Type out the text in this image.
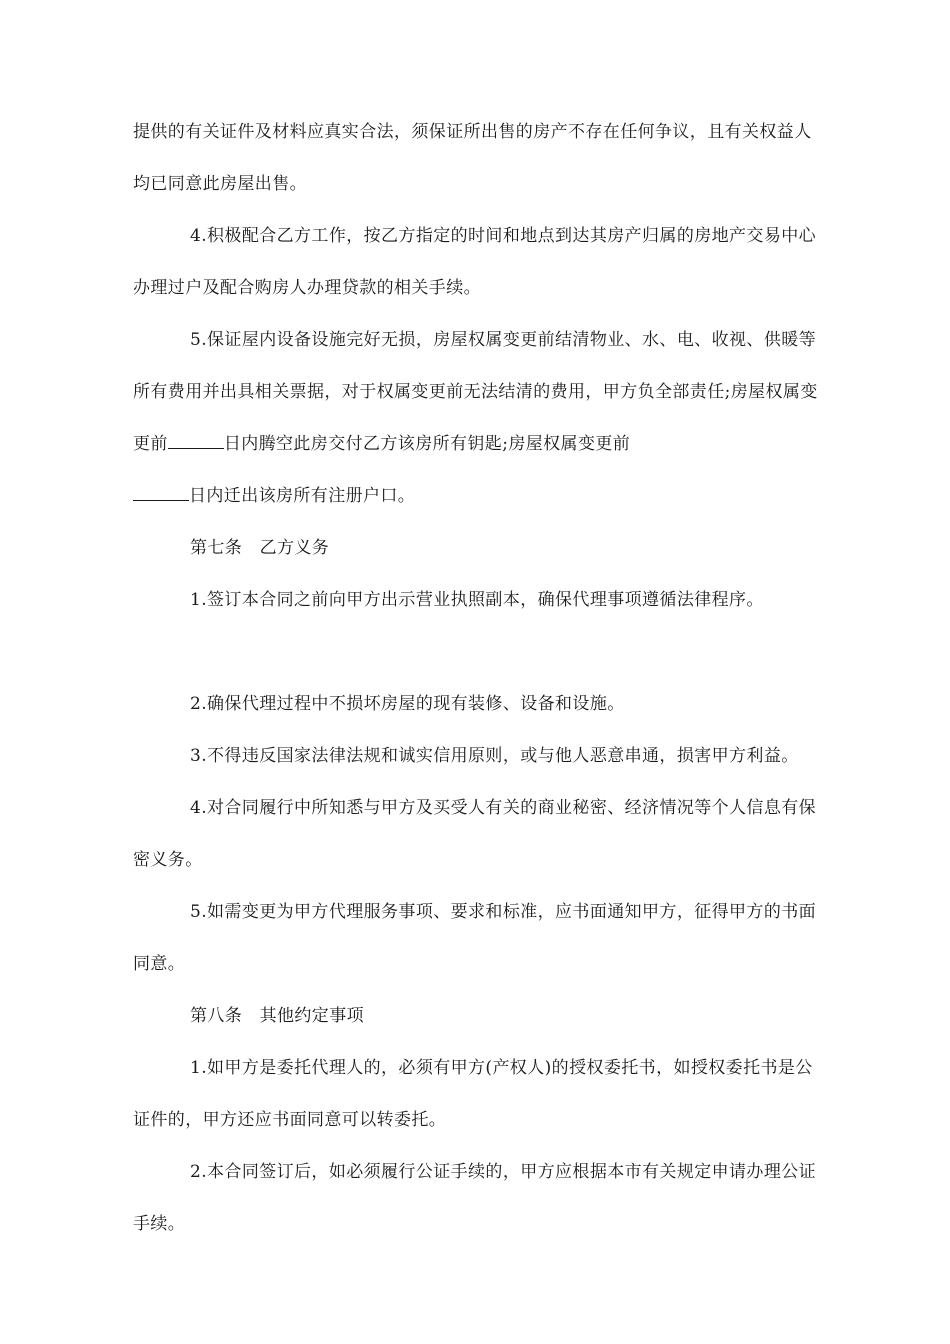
提供的有关证件及材料应真实合法，须保证所出售的房产不存在任何争议，且有关权益人均已同意此房屋出售。

4.积极配合乙方工作，按乙方指定的时间和地点到达其房产归属的房地产交易中心办理过户及配合购房人办理贷款的相关手续。

5.保证屋内设备设施完好无损，房屋权属变更前结清物业、水、电、收视、供暖等所有费用并出具相关票据，对于权属变更前无法结清的费用，甲方负全部责任;房屋权属变更前	日内腾空此房交付乙方该房所有钥匙;房屋权属变更前
日内迁出该房所有注册户口。

第七条　乙方义务

1.签订本合同之前向甲方出示营业执照副本，确保代理事项遵循法律程序。

2.确保代理过程中不损坏房屋的现有装修、设备和设施。

3.不得违反国家法律法规和诚实信用原则，或与他人恶意串通，损害甲方利益。

4.对合同履行中所知悉与甲方及买受人有关的商业秘密、经济情况等个人信息有保密义务。

5.如需变更为甲方代理服务事项、要求和标准，应书面通知甲方，征得甲方的书面同意。

第八条　其他约定事项

1.如甲方是委托代理人的，必须有甲方(产权人)的授权委托书，如授权委托书是公证件的，甲方还应书面同意可以转委托。

2.本合同签订后，如必须履行公证手续的，甲方应根据本市有关规定申请办理公证手续。
